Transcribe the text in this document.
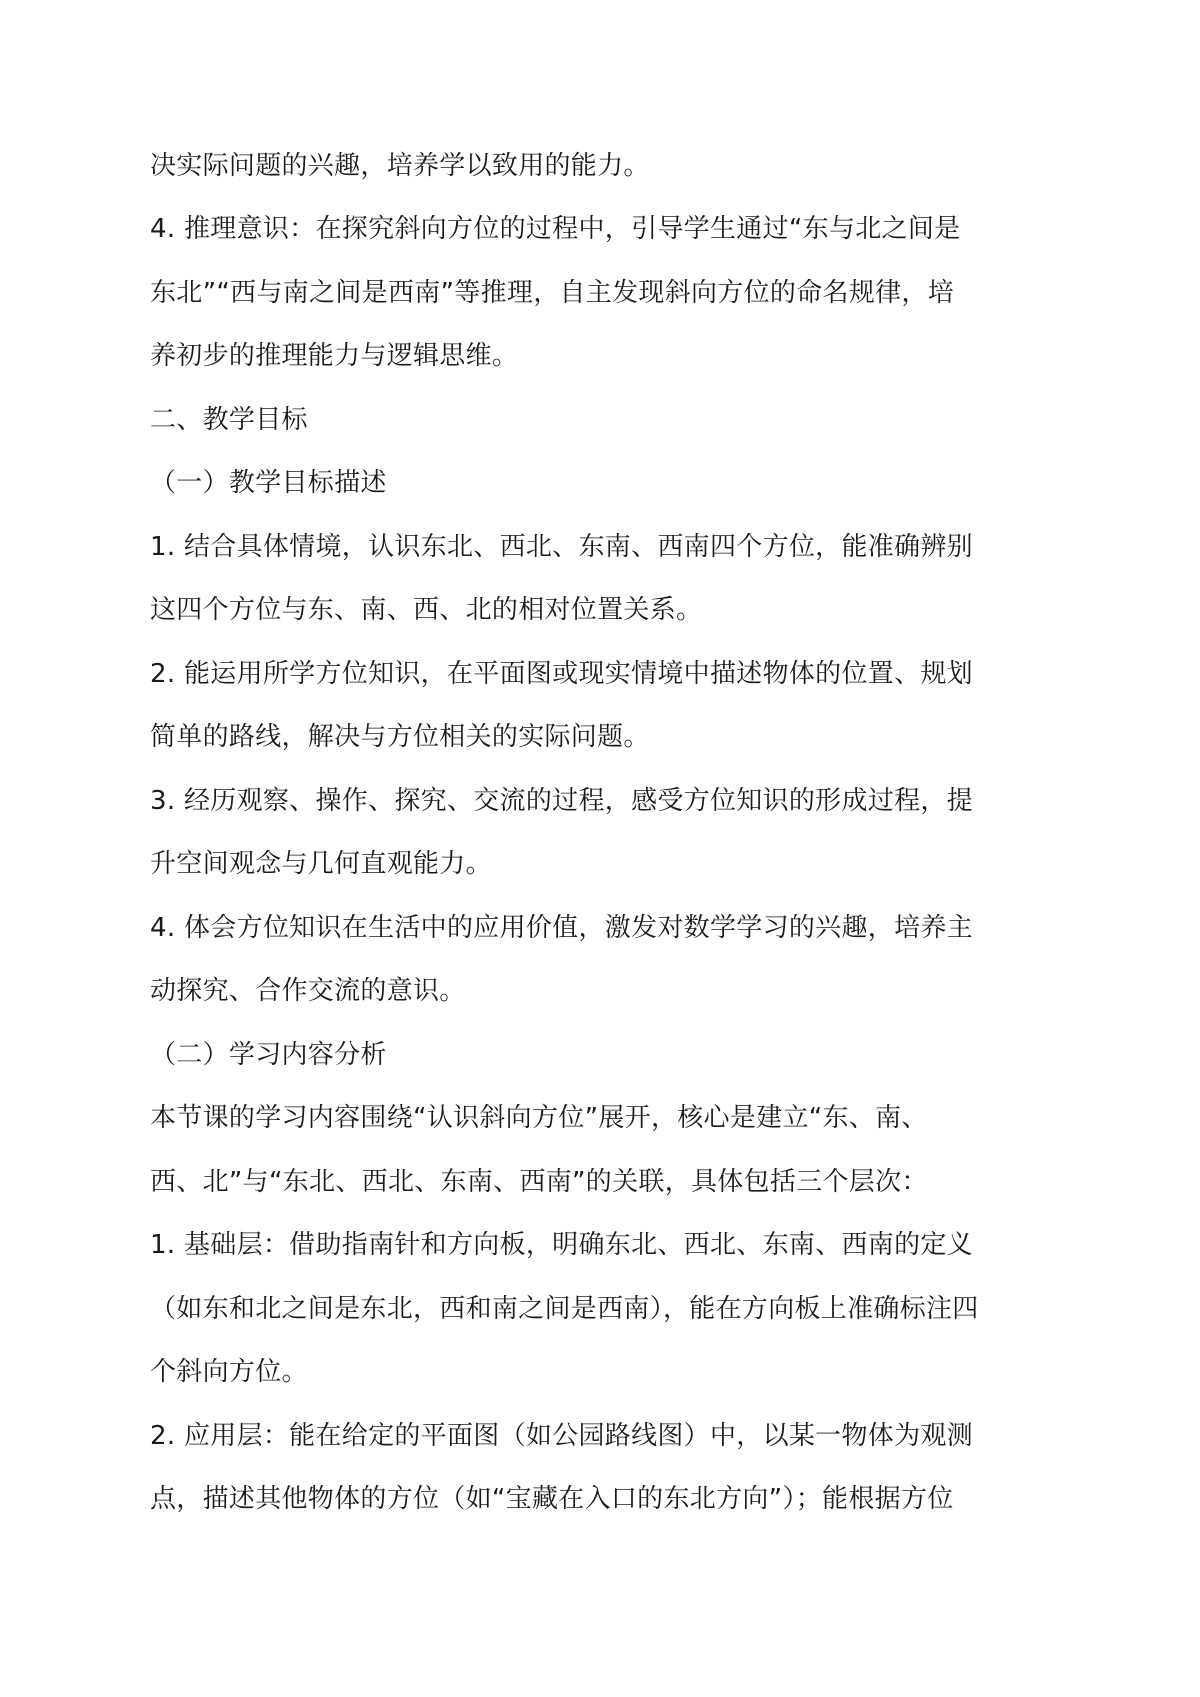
决实际问题的兴趣，培养学以致用的能力。
4. 推理意识：在探究斜向方位的过程中，引导学生通过“东与北之间是
东北”“西与南之间是西南”等推理，自主发现斜向方位的命名规律，培
养初步的推理能力与逻辑思维。
二、教学目标
（一）教学目标描述
1. 结合具体情境，认识东北、西北、东南、西南四个方位，能准确辨别
这四个方位与东、南、西、北的相对位置关系。
2. 能运用所学方位知识，在平面图或现实情境中描述物体的位置、规划
简单的路线，解决与方位相关的实际问题。
3. 经历观察、操作、探究、交流的过程，感受方位知识的形成过程，提
升空间观念与几何直观能力。
4. 体会方位知识在生活中的应用价值，激发对数学学习的兴趣，培养主
动探究、合作交流的意识。
（二）学习内容分析
本节课的学习内容围绕“认识斜向方位”展开，核心是建立“东、南、
西、北”与“东北、西北、东南、西南”的关联，具体包括三个层次：
1. 基础层：借助指南针和方向板，明确东北、西北、东南、西南的定义
（如东和北之间是东北，西和南之间是西南），能在方向板上准确标注四
个斜向方位。
2. 应用层：能在给定的平面图（如公园路线图）中，以某一物体为观测
点，描述其他物体的方位（如“宝藏在入口的东北方向”）；能根据方位
